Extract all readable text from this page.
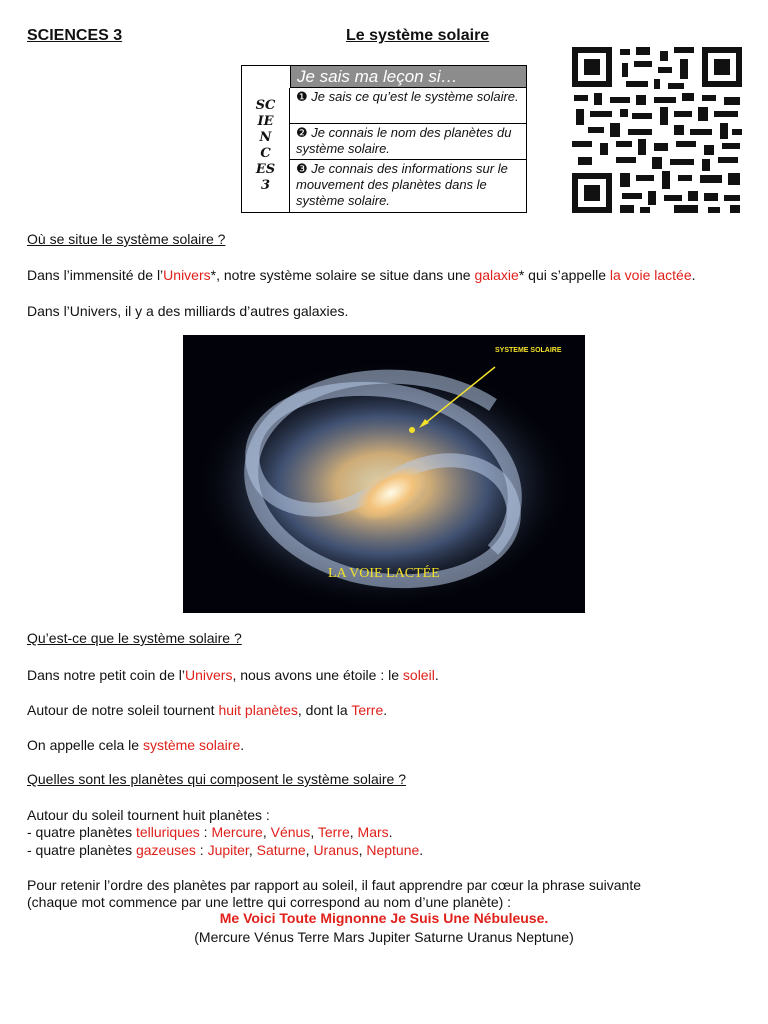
SCIENCES 3	Le système solaire
Je sais ma leçon si…
SC
IE
N
C
ES
3
❶ Je sais ce qu’est le système solaire.
❷ Je connais le nom des planètes du système solaire.
❸ Je connais des informations sur le mouvement des planètes dans le système solaire.
Où se situe le système solaire ?
Dans l’immensité de l’Univers*, notre système solaire se situe dans une galaxie* qui s’appelle la voie lactée.
Dans l’Univers, il y a des milliards d’autres galaxies.
SYSTEME SOLAIRE
LA VOIE LACTÉE
Qu’est-ce que le système solaire ?
Dans notre petit coin de l’Univers, nous avons une étoile : le soleil.
Autour de notre soleil tournent huit planètes, dont la Terre.
On appelle cela le système solaire.
Quelles sont les planètes qui composent le système solaire ?
Autour du soleil tournent huit planètes :
- quatre planètes telluriques : Mercure, Vénus, Terre, Mars.
- quatre planètes gazeuses : Jupiter, Saturne, Uranus, Neptune.
Pour retenir l’ordre des planètes par rapport au soleil, il faut apprendre par cœur la phrase suivante
(chaque mot commence par une lettre qui correspond au nom d’une planète) :
Me Voici Toute Mignonne Je Suis Une Nébuleuse.
(Mercure Vénus Terre Mars Jupiter Saturne Uranus Neptune)
